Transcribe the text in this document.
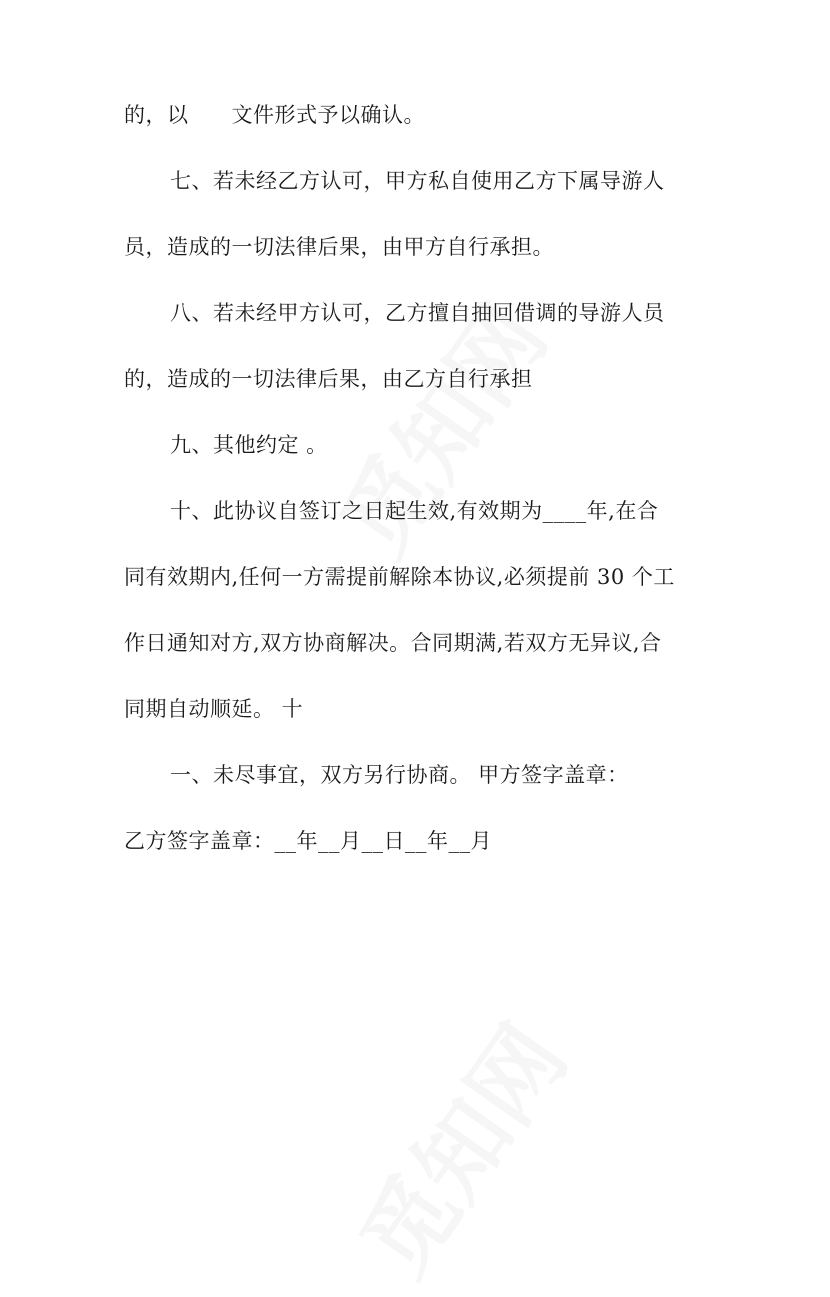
的，以　　文件形式予以确认。
七、若未经乙方认可，甲方私自使用乙方下属导游人
员，造成的一切法律后果，由甲方自行承担。
八、若未经甲方认可，乙方擅自抽回借调的导游人员
的，造成的一切法律后果，由乙方自行承担
九、其他约定 。
十、此协议自签订之日起生效,有效期为____年,在合
同有效期内,任何一方需提前解除本协议,必须提前 30 个工
作日通知对方,双方协商解决。合同期满,若双方无异议,合
同期自动顺延。 十
一、未尽事宜，双方另行协商。 甲方签字盖章：
乙方签字盖章：__年__月__日__年__月
